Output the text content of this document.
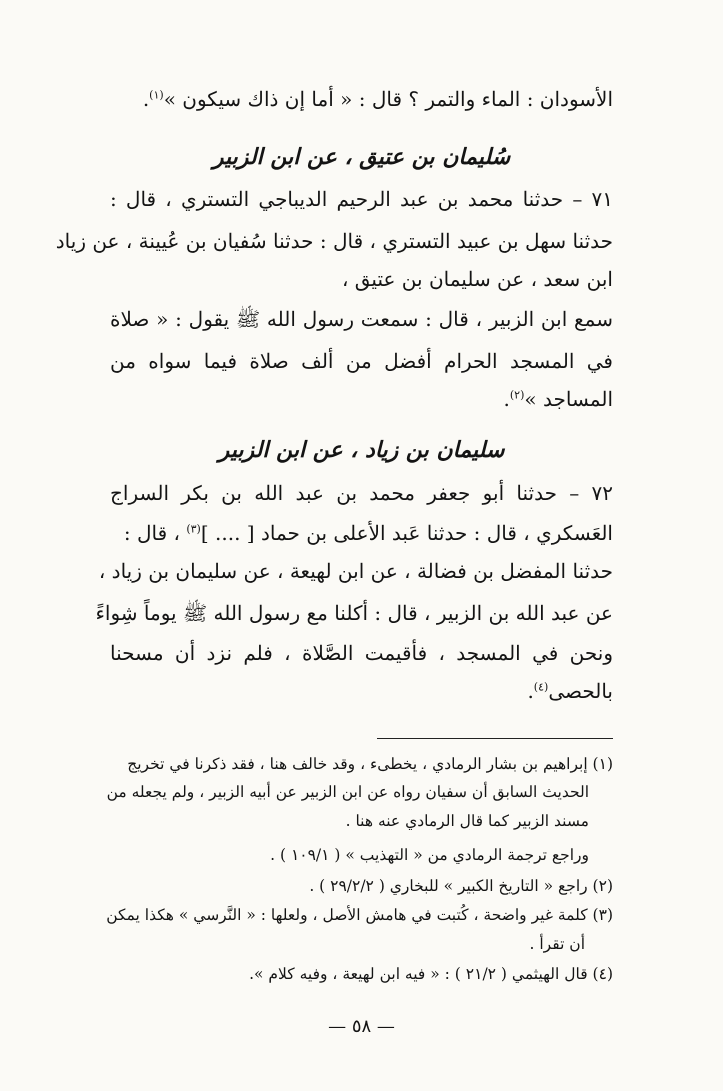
الأسودان : الماء والتمر ؟ قال : « أما إن ذاك سيكون »$^{(١)}$.
سُليمان بن عتيق ، عن ابن الزبير
٧١ – حدثنا محمد بن عبد الرحيم الديباجي التستري ، قال :
حدثنا سهل بن عبيد التستري ، قال : حدثنا سُفيان بن عُيينة ، عن زياد
ابن سعد ، عن سليمان بن عتيق ،
سمع ابن الزبير ، قال : سمعت رسول الله ﷺ يقول : « صلاة
في المسجد الحرام أفضل من ألف صلاة فيما سواه من
المساجد »$^{(٢)}$.
سليمان بن زياد ، عن ابن الزبير
٧٢ – حدثنا أبو جعفر محمد بن عبد الله بن بكر السراج
العَسكري ، قال : حدثنا عَبد الأعلى بن حماد [ .... ]$^{(٣)}$ ، قال :
حدثنا المفضل بن فضالة ، عن ابن لهيعة ، عن سليمان بن زياد ،
عن عبد الله بن الزبير ، قال : أكلنا مع رسول الله ﷺ يوماً شِواءً
ونحن في المسجد ، فأقيمت الصَّلاة ، فلم نزد أن مسحنا
بالحصى$^{(٤)}$.
(١) إبراهيم بن بشار الرمادي ، يخطىء ، وقد خالف هنا ، فقد ذكرنا في تخريج
الحديث السابق أن سفيان رواه عن ابن الزبير عن أبيه الزبير ، ولم يجعله من
مسند الزبير كما قال الرمادي عنه هنا .
وراجع ترجمة الرمادي من « التهذيب » ( ١٠٩/١ ) .
(٢) راجع « التاريخ الكبير » للبخاري ( ٢٩/٢/٢ ) .
(٣) كلمة غير واضحة ، كُتبت في هامش الأصل ، ولعلها : « النَّرسي » هكذا يمكن
أن تقرأ .
(٤) قال الهيثمي ( ٢١/٢ ) : « فيه ابن لهيعة ، وفيه كلام ».
— ٥٨ —
